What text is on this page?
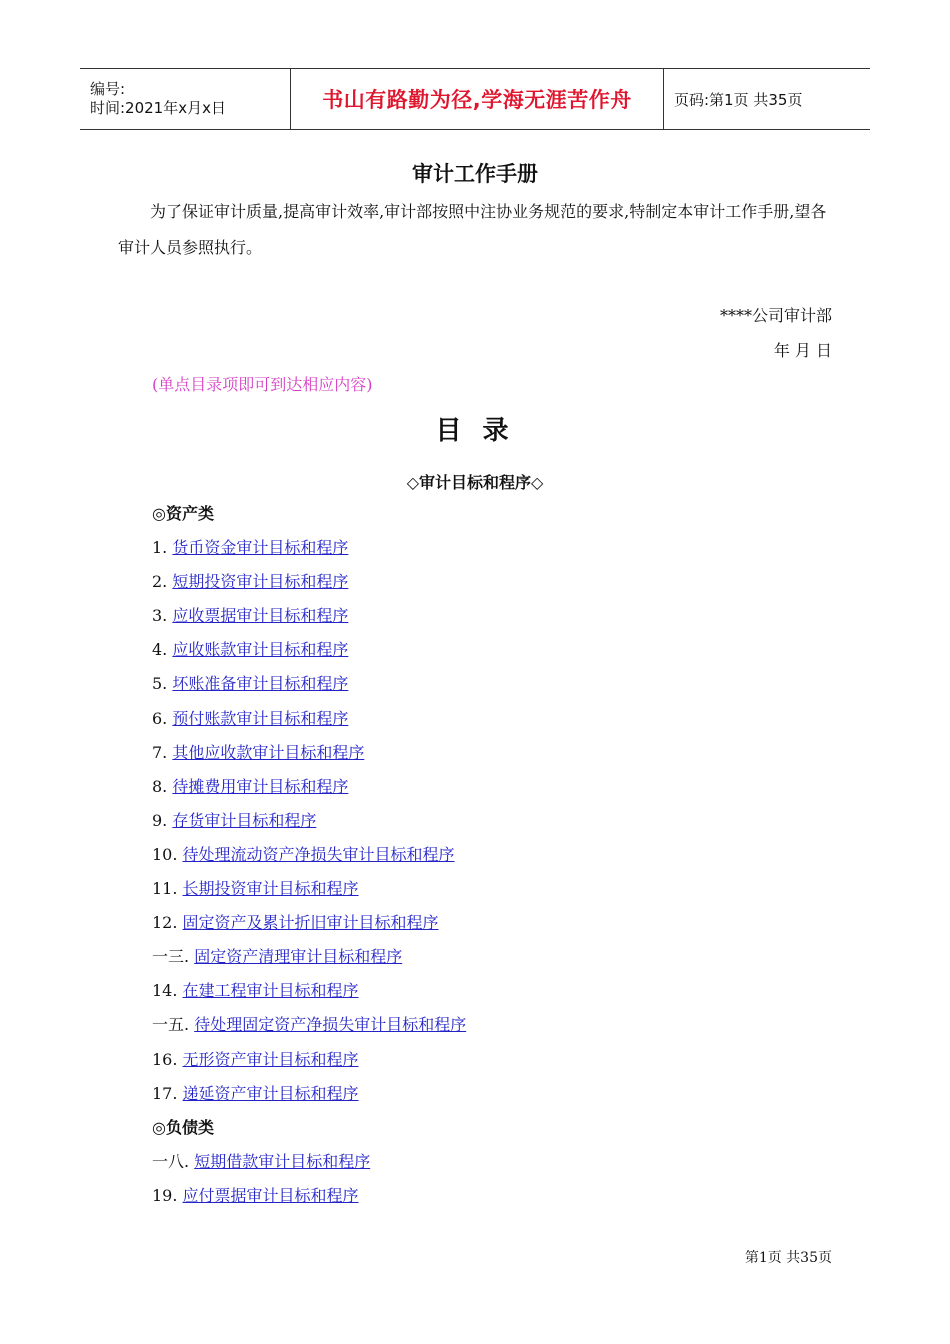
编号:
时间:2021年x月x日	书山有路勤为径,学海无涯苦作舟	页码:第1页 共35页
审计工作手册
为了保证审计质量,提高审计效率,审计部按照中注协业务规范的要求,特制定本审计工作手册,望各审计人员参照执行。
****公司审计部
年 月 日
(单点目录项即可到达相应内容)
目 录
◇审计目标和程序◇
◎资产类
1. 货币资金审计目标和程序
2. 短期投资审计目标和程序
3. 应收票据审计目标和程序
4. 应收账款审计目标和程序
5. 坏账准备审计目标和程序
6. 预付账款审计目标和程序
7. 其他应收款审计目标和程序
8. 待摊费用审计目标和程序
9. 存货审计目标和程序
10. 待处理流动资产净损失审计目标和程序
11. 长期投资审计目标和程序
12. 固定资产及累计折旧审计目标和程序
一三. 固定资产清理审计目标和程序
14. 在建工程审计目标和程序
一五. 待处理固定资产净损失审计目标和程序
16. 无形资产审计目标和程序
17. 递延资产审计目标和程序
◎负债类
一八. 短期借款审计目标和程序
19. 应付票据审计目标和程序
第1页 共35页
